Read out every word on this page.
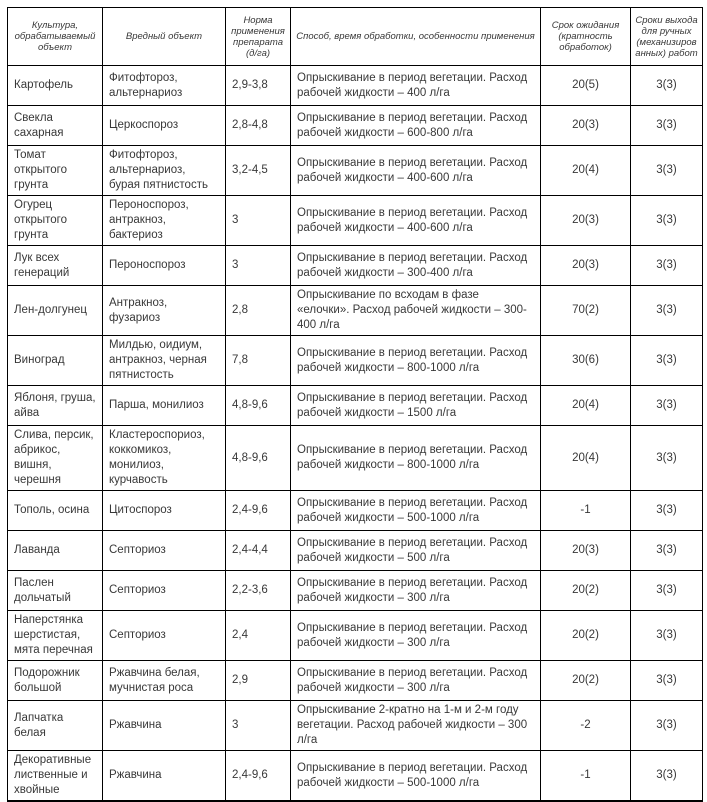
Культура, обрабатываемый объект	Вредный объект	Норма применения препарата (д/га)	Способ, время обработки, особенности применения	Срок ожидания (кратность обработок)	Сроки выхода для ручных (механизированных) работ
Картофель	Фитофтороз, альтернариоз	2,9-3,8	Опрыскивание в период вегетации. Расход рабочей жидкости – 400 л/га	20(5)	3(3)
Свекла сахарная	Церкоспороз	2,8-4,8	Опрыскивание в период вегетации. Расход рабочей жидкости – 600-800 л/га	20(3)	3(3)
Томат открытого грунта	Фитофтороз, альтернариоз, бурая пятнистость	3,2-4,5	Опрыскивание в период вегетации. Расход рабочей жидкости – 400-600 л/га	20(4)	3(3)
Огурец открытого грунта	Пероноспороз, антракноз, бактериоз	3	Опрыскивание в период вегетации. Расход рабочей жидкости – 400-600 л/га	20(3)	3(3)
Лук всех генераций	Пероноспороз	3	Опрыскивание в период вегетации. Расход рабочей жидкости – 300-400 л/га	20(3)	3(3)
Лен-долгунец	Антракноз, фузариоз	2,8	Опрыскивание по всходам в фазе «елочки». Расход рабочей жидкости – 300-400 л/га	70(2)	3(3)
Виноград	Милдью, оидиум, антракноз, черная пятнистость	7,8	Опрыскивание в период вегетации. Расход рабочей жидкости – 800-1000 л/га	30(6)	3(3)
Яблоня, груша, айва	Парша, монилиоз	4,8-9,6	Опрыскивание в период вегетации. Расход рабочей жидкости – 1500 л/га	20(4)	3(3)
Слива, персик, абрикос, вишня, черешня	Кластероспориоз, коккомикоз, монилиоз, курчавость	4,8-9,6	Опрыскивание в период вегетации. Расход рабочей жидкости – 800-1000 л/га	20(4)	3(3)
Тополь, осина	Цитоспороз	2,4-9,6	Опрыскивание в период вегетации. Расход рабочей жидкости – 500-1000 л/га	-1	3(3)
Лаванда	Септориоз	2,4-4,4	Опрыскивание в период вегетации. Расход рабочей жидкости – 500 л/га	20(3)	3(3)
Паслен дольчатый	Септориоз	2,2-3,6	Опрыскивание в период вегетации. Расход рабочей жидкости – 300 л/га	20(2)	3(3)
Наперстянка шерстистая, мята перечная	Септориоз	2,4	Опрыскивание в период вегетации. Расход рабочей жидкости – 300 л/га	20(2)	3(3)
Подорожник большой	Ржавчина белая, мучнистая роса	2,9	Опрыскивание в период вегетации. Расход рабочей жидкости – 300 л/га	20(2)	3(3)
Лапчатка белая	Ржавчина	3	Опрыскивание 2-кратно на 1-м и 2-м году вегетации. Расход рабочей жидкости – 300 л/га	-2	3(3)
Декоративные лиственные и хвойные	Ржавчина	2,4-9,6	Опрыскивание в период вегетации. Расход рабочей жидкости – 500-1000 л/га	-1	3(3)
